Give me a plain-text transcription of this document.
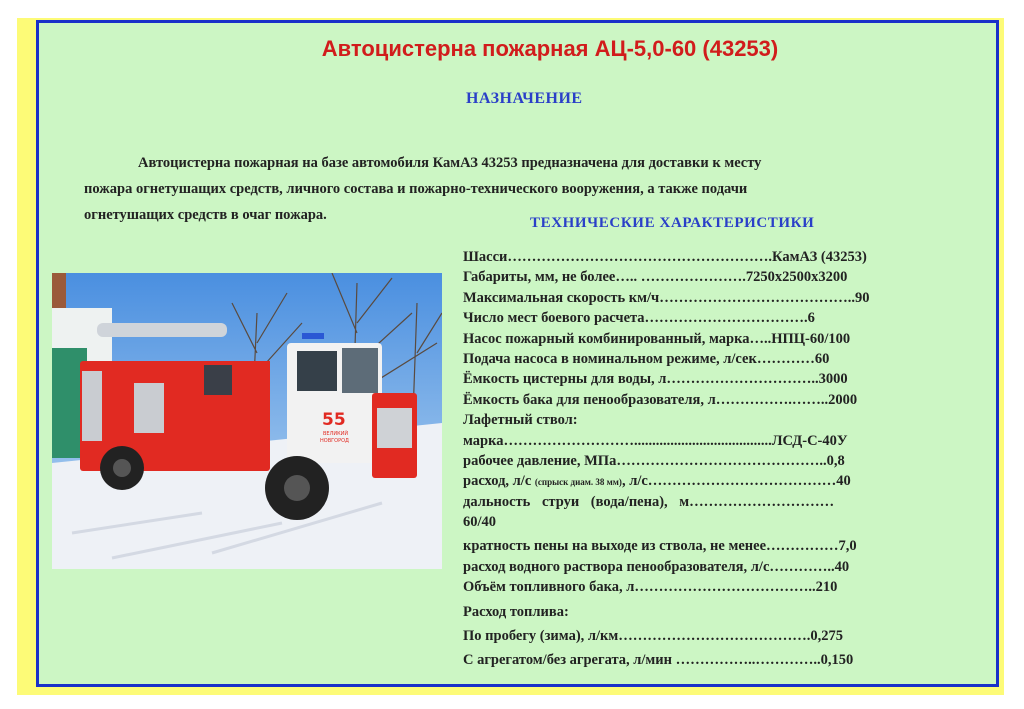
Автоцистерна пожарная АЦ-5,0-60 (43253)
НАЗНАЧЕНИЕ
Автоцистерна пожарная на базе автомобиля КамАЗ 43253 предназначена для доставки к месту
пожара огнетушащих средств, личного состава и пожарно-технического вооружения, а также подачи
огнетушащих средств в очаг пожара.	ТЕХНИЧЕСКИЕ ХАРАКТЕРИСТИКИ
Шасси……………………………………………….КамАЗ (43253)
Габариты, мм, не более….. ………………….7250х2500х3200
Максимальная скорость км/ч…………………………………..90
Число мест боевого расчета…………………………….6
Насос пожарный комбинированный, марка…..НПЦ-60/100
Подача насоса в номинальном режиме, л/сек…………60
Ёмкость цистерны для воды, л…………………………..3000
Ёмкость бака для пенообразователя, л…………….……..2000
Лафетный ствол:
марка………………………......................................ЛСД-С-40У
рабочее давление, МПа……………………………………..0,8
расход, л/с (спрыск диам. 38 мм), л/с…………………………………40
дальность струи (вода/пена), м…………………………
60/40
кратность пены на выходе из ствола, не менее……………7,0
расход водного раствора пенообразователя, л/с…………..40
Объём топливного бака, л………………………………..210
Расход топлива:
По пробегу (зима), л/км………………………………….0,275
С агрегатом/без агрегата, л/мин ……………..…………..0,150
55
ВЕЛИКИЙ
НОВГОРОД
